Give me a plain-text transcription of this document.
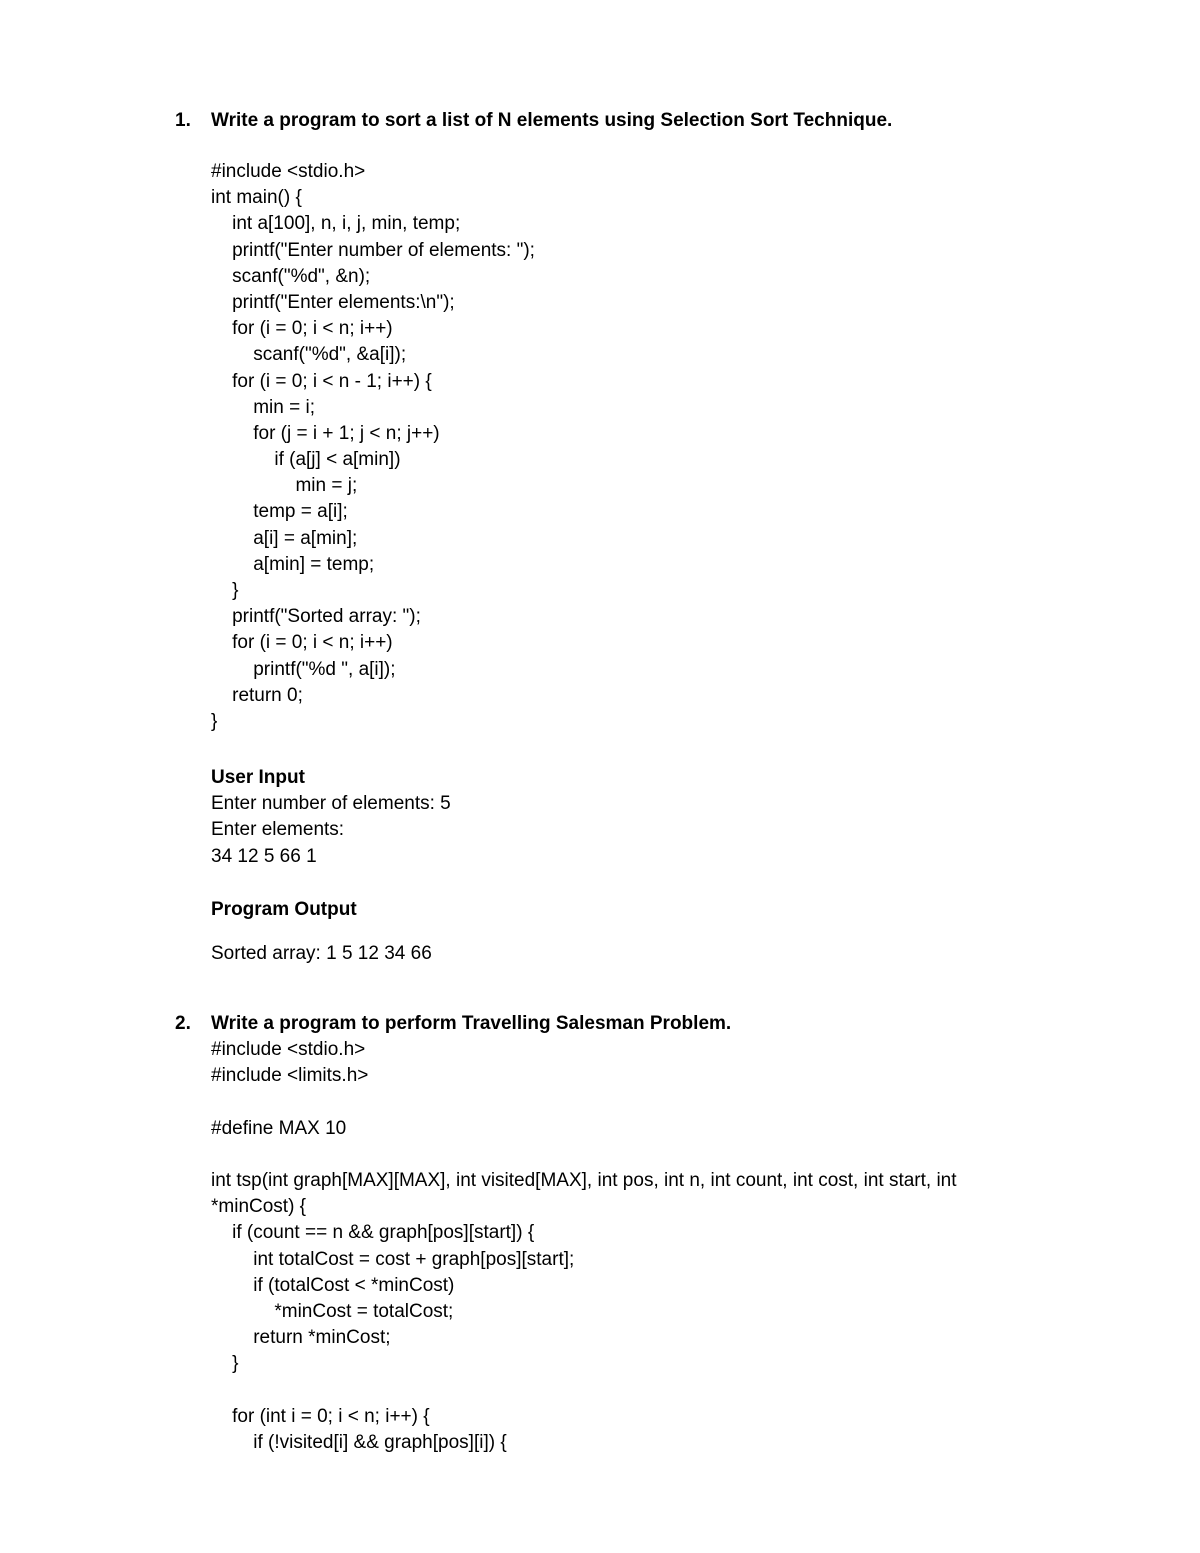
1. Write a program to sort a list of N elements using Selection Sort Technique.
#include <stdio.h>
int main() {
int a[100], n, i, j, min, temp;
printf("Enter number of elements: ");
scanf("%d", &n);
printf("Enter elements:\n");
for (i = 0; i < n; i++)
scanf("%d", &a[i]);
for (i = 0; i < n - 1; i++) {
min = i;
for (j = i + 1; j < n; j++)
if (a[j] < a[min])
min = j;
temp = a[i];
a[i] = a[min];
a[min] = temp;
}
printf("Sorted array: ");
for (i = 0; i < n; i++)
printf("%d ", a[i]);
return 0;
}
User Input
Enter number of elements: 5
Enter elements:
34 12 5 66 1
Program Output
Sorted array: 1 5 12 34 66
2. Write a program to perform Travelling Salesman Problem.
#include <stdio.h>
#include <limits.h>
#define MAX 10
int tsp(int graph[MAX][MAX], int visited[MAX], int pos, int n, int count, int cost, int start, int
*minCost) {
if (count == n && graph[pos][start]) {
int totalCost = cost + graph[pos][start];
if (totalCost < *minCost)
*minCost = totalCost;
return *minCost;
}
for (int i = 0; i < n; i++) {
if (!visited[i] && graph[pos][i]) {
